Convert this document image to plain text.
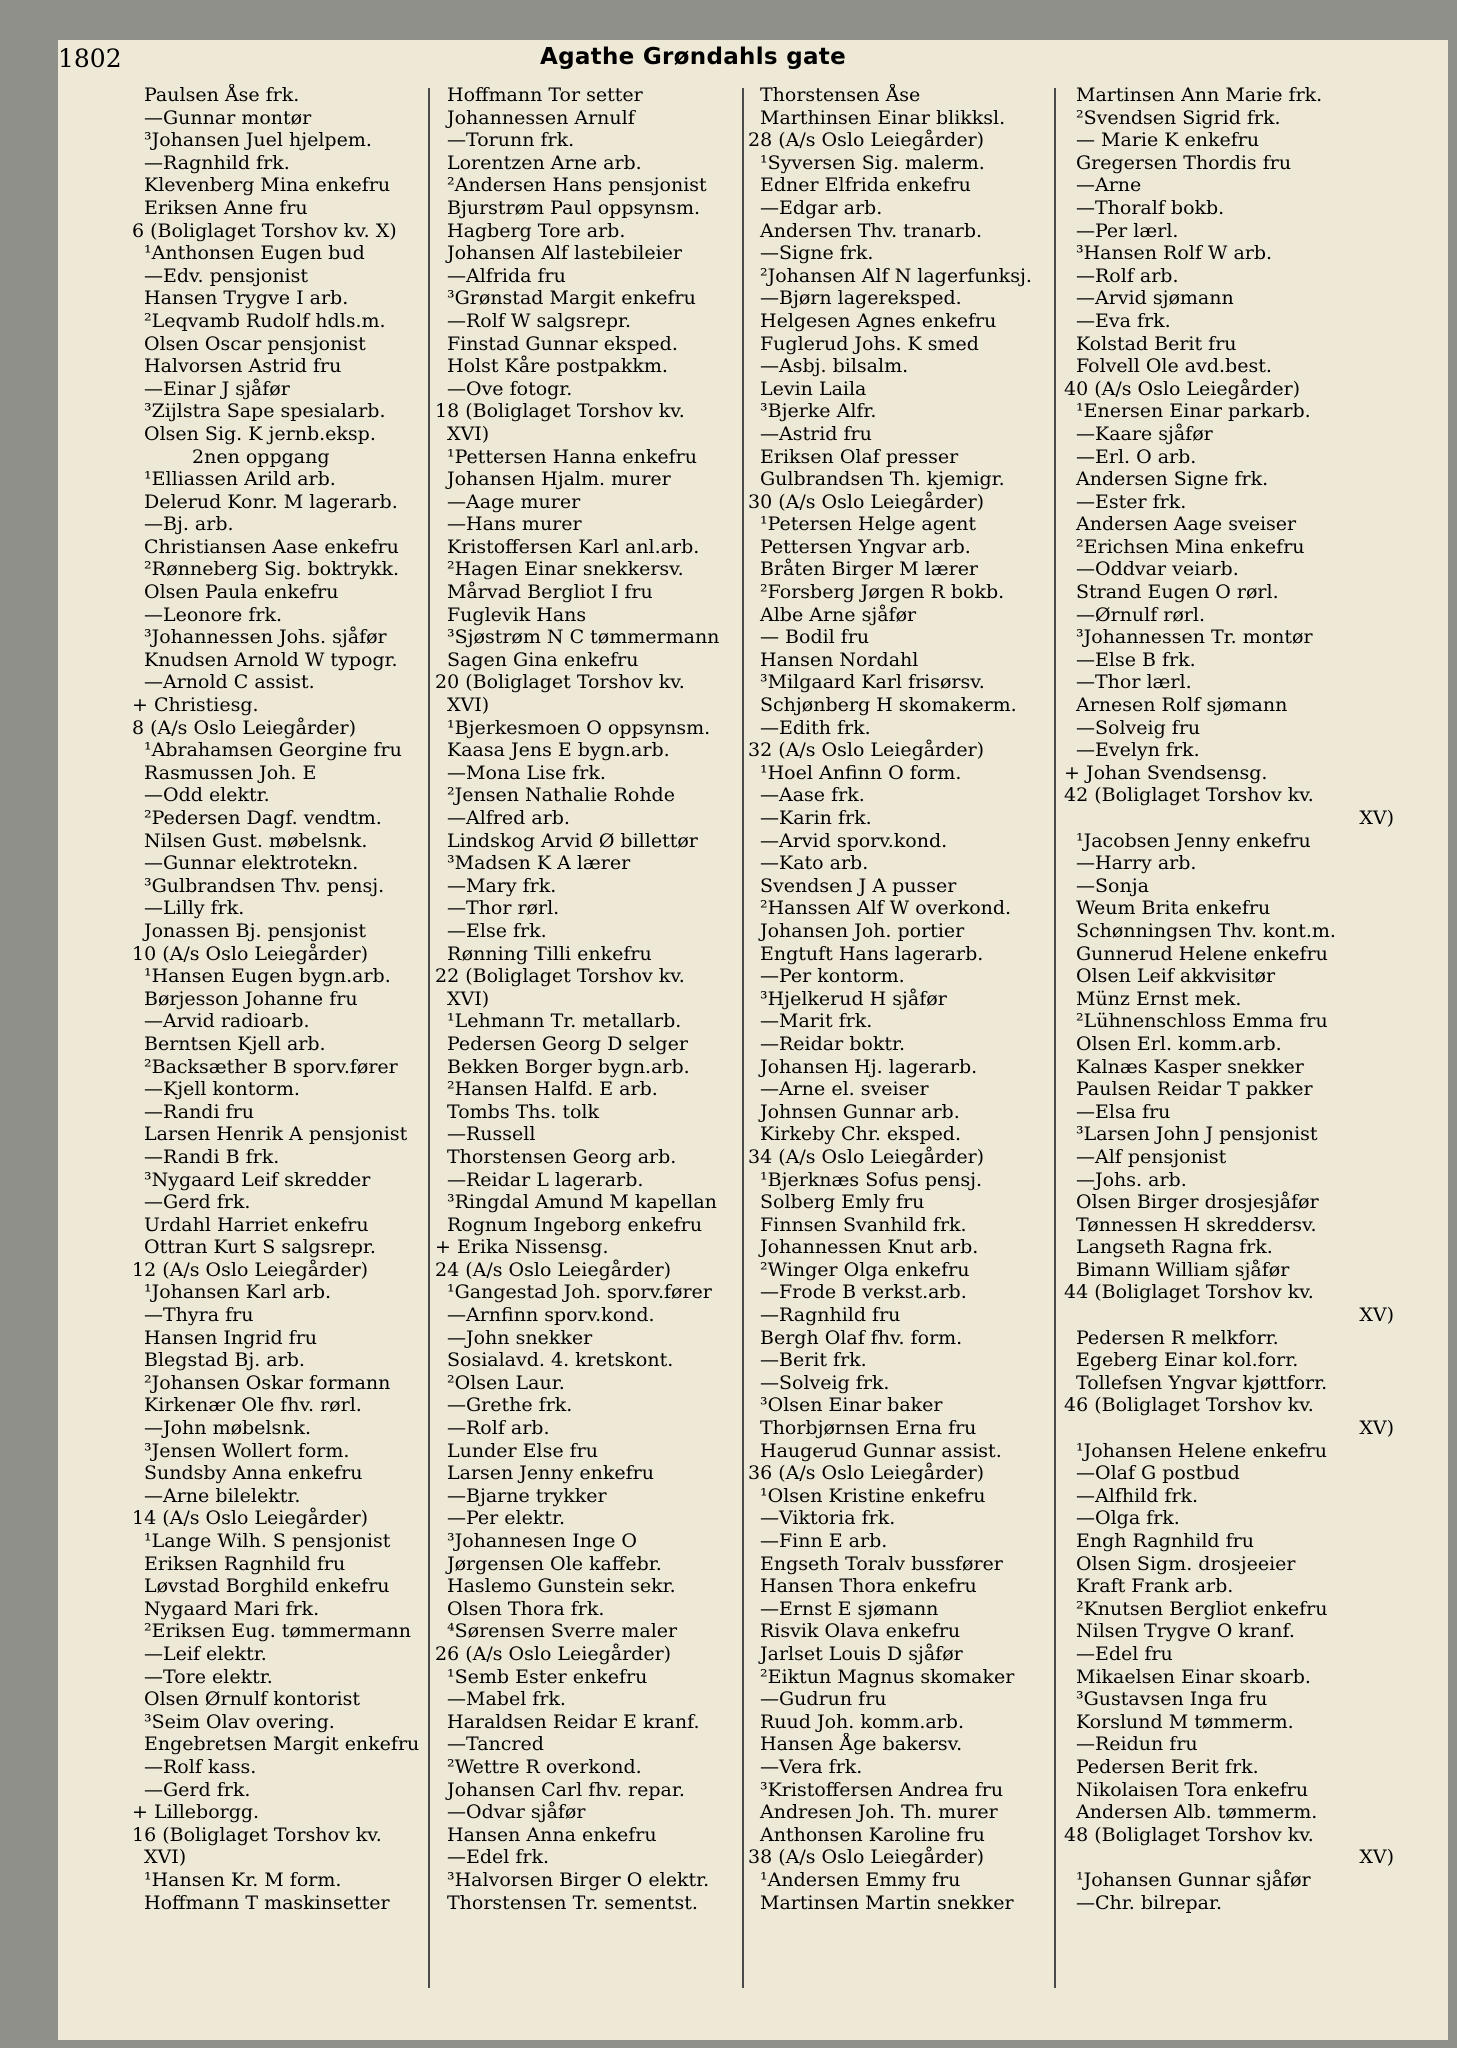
1802	Agathe Grøndahls gate
Paulsen Åse frk.
—Gunnar montør
³Johansen Juel hjelpem.
—Ragnhild frk.
Klevenberg Mina enkefru
Eriksen Anne fru
6 (Boliglaget Torshov kv. X)
¹Anthonsen Eugen bud
—Edv. pensjonist
Hansen Trygve I arb.
²Leqvamb Rudolf hdls.m.
Olsen Oscar pensjonist
Halvorsen Astrid fru
—Einar J sjåfør
³Zijlstra Sape spesialarb.
Olsen Sig. K jernb.eksp.
2nen oppgang
¹Elliassen Arild arb.
Delerud Konr. M lagerarb.
—Bj. arb.
Christiansen Aase enkefru
²Rønneberg Sig. boktrykk.
Olsen Paula enkefru
—Leonore frk.
³Johannessen Johs. sjåfør
Knudsen Arnold W typogr.
—Arnold C assist.
+ Christiesg.
8 (A/s Oslo Leiegårder)
¹Abrahamsen Georgine fru
Rasmussen Joh. E
—Odd elektr.
²Pedersen Dagf. vendtm.
Nilsen Gust. møbelsnk.
—Gunnar elektrotekn.
³Gulbrandsen Thv. pensj.
—Lilly frk.
Jonassen Bj. pensjonist
10 (A/s Oslo Leiegårder)
¹Hansen Eugen bygn.arb.
Børjesson Johanne fru
—Arvid radioarb.
Berntsen Kjell arb.
²Backsæther B sporv.fører
—Kjell kontorm.
—Randi fru
Larsen Henrik A pensjonist
—Randi B frk.
³Nygaard Leif skredder
—Gerd frk.
Urdahl Harriet enkefru
Ottran Kurt S salgsrepr.
12 (A/s Oslo Leiegårder)
¹Johansen Karl arb.
—Thyra fru
Hansen Ingrid fru
Blegstad Bj. arb.
²Johansen Oskar formann
Kirkenær Ole fhv. rørl.
—John møbelsnk.
³Jensen Wollert form.
Sundsby Anna enkefru
—Arne bilelektr.
14 (A/s Oslo Leiegårder)
¹Lange Wilh. S pensjonist
Eriksen Ragnhild fru
Løvstad Borghild enkefru
Nygaard Mari frk.
²Eriksen Eug. tømmermann
—Leif elektr.
—Tore elektr.
Olsen Ørnulf kontorist
³Seim Olav overing.
Engebretsen Margit enkefru
—Rolf kass.
—Gerd frk.
+ Lilleborgg.
16 (Boliglaget Torshov kv.
XVI)
¹Hansen Kr. M form.
Hoffmann T maskinsetter
Hoffmann Tor setter
Johannessen Arnulf
—Torunn frk.
Lorentzen Arne arb.
²Andersen Hans pensjonist
Bjurstrøm Paul oppsynsm.
Hagberg Tore arb.
Johansen Alf lastebileier
—Alfrida fru
³Grønstad Margit enkefru
—Rolf W salgsrepr.
Finstad Gunnar eksped.
Holst Kåre postpakkm.
—Ove fotogr.
18 (Boliglaget Torshov kv.
XVI)
¹Pettersen Hanna enkefru
Johansen Hjalm. murer
—Aage murer
—Hans murer
Kristoffersen Karl anl.arb.
²Hagen Einar snekkersv.
Mårvad Bergliot I fru
Fuglevik Hans
³Sjøstrøm N C tømmermann
Sagen Gina enkefru
20 (Boliglaget Torshov kv.
XVI)
¹Bjerkesmoen O oppsynsm.
Kaasa Jens E bygn.arb.
—Mona Lise frk.
²Jensen Nathalie Rohde
—Alfred arb.
Lindskog Arvid Ø billettør
³Madsen K A lærer
—Mary frk.
—Thor rørl.
—Else frk.
Rønning Tilli enkefru
22 (Boliglaget Torshov kv.
XVI)
¹Lehmann Tr. metallarb.
Pedersen Georg D selger
Bekken Borger bygn.arb.
²Hansen Halfd. E arb.
Tombs Ths. tolk
—Russell
Thorstensen Georg arb.
—Reidar L lagerarb.
³Ringdal Amund M kapellan
Rognum Ingeborg enkefru
+ Erika Nissensg.
24 (A/s Oslo Leiegårder)
¹Gangestad Joh. sporv.fører
—Arnfinn sporv.kond.
—John snekker
Sosialavd. 4. kretskont.
²Olsen Laur.
—Grethe frk.
—Rolf arb.
Lunder Else fru
Larsen Jenny enkefru
—Bjarne trykker
—Per elektr.
³Johannesen Inge O
Jørgensen Ole kaffebr.
Haslemo Gunstein sekr.
Olsen Thora frk.
⁴Sørensen Sverre maler
26 (A/s Oslo Leiegårder)
¹Semb Ester enkefru
—Mabel frk.
Haraldsen Reidar E kranf.
—Tancred
²Wettre R overkond.
Johansen Carl fhv. repar.
—Odvar sjåfør
Hansen Anna enkefru
—Edel frk.
³Halvorsen Birger O elektr.
Thorstensen Tr. sementst.
Thorstensen Åse
Marthinsen Einar blikksl.
28 (A/s Oslo Leiegårder)
¹Syversen Sig. malerm.
Edner Elfrida enkefru
—Edgar arb.
Andersen Thv. tranarb.
—Signe frk.
²Johansen Alf N lagerfunksj.
—Bjørn lagereksped.
Helgesen Agnes enkefru
Fuglerud Johs. K smed
—Asbj. bilsalm.
Levin Laila
³Bjerke Alfr.
—Astrid fru
Eriksen Olaf presser
Gulbrandsen Th. kjemigr.
30 (A/s Oslo Leiegårder)
¹Petersen Helge agent
Pettersen Yngvar arb.
Bråten Birger M lærer
²Forsberg Jørgen R bokb.
Albe Arne sjåfør
— Bodil fru
Hansen Nordahl
³Milgaard Karl frisørsv.
Schjønberg H skomakerm.
—Edith frk.
32 (A/s Oslo Leiegårder)
¹Hoel Anfinn O form.
—Aase frk.
—Karin frk.
—Arvid sporv.kond.
—Kato arb.
Svendsen J A pusser
²Hanssen Alf W overkond.
Johansen Joh. portier
Engtuft Hans lagerarb.
—Per kontorm.
³Hjelkerud H sjåfør
—Marit frk.
—Reidar boktr.
Johansen Hj. lagerarb.
—Arne el. sveiser
Johnsen Gunnar arb.
Kirkeby Chr. eksped.
34 (A/s Oslo Leiegårder)
¹Bjerknæs Sofus pensj.
Solberg Emly fru
Finnsen Svanhild frk.
Johannessen Knut arb.
²Winger Olga enkefru
—Frode B verkst.arb.
—Ragnhild fru
Bergh Olaf fhv. form.
—Berit frk.
—Solveig frk.
³Olsen Einar baker
Thorbjørnsen Erna fru
Haugerud Gunnar assist.
36 (A/s Oslo Leiegårder)
¹Olsen Kristine enkefru
—Viktoria frk.
—Finn E arb.
Engseth Toralv bussfører
Hansen Thora enkefru
—Ernst E sjømann
Risvik Olava enkefru
Jarlset Louis D sjåfør
²Eiktun Magnus skomaker
—Gudrun fru
Ruud Joh. komm.arb.
Hansen Åge bakersv.
—Vera frk.
³Kristoffersen Andrea fru
Andresen Joh. Th. murer
Anthonsen Karoline fru
38 (A/s Oslo Leiegårder)
¹Andersen Emmy fru
Martinsen Martin snekker
Martinsen Ann Marie frk.
²Svendsen Sigrid frk.
— Marie K enkefru
Gregersen Thordis fru
—Arne
—Thoralf bokb.
—Per lærl.
³Hansen Rolf W arb.
—Rolf arb.
—Arvid sjømann
—Eva frk.
Kolstad Berit fru
Folvell Ole avd.best.
40 (A/s Oslo Leiegårder)
¹Enersen Einar parkarb.
—Kaare sjåfør
—Erl. O arb.
Andersen Signe frk.
—Ester frk.
Andersen Aage sveiser
²Erichsen Mina enkefru
—Oddvar veiarb.
Strand Eugen O rørl.
—Ørnulf rørl.
³Johannessen Tr. montør
—Else B frk.
—Thor lærl.
Arnesen Rolf sjømann
—Solveig fru
—Evelyn frk.
+ Johan Svendsensg.
42 (Boliglaget Torshov kv.
XV)
¹Jacobsen Jenny enkefru
—Harry arb.
—Sonja
Weum Brita enkefru
Schønningsen Thv. kont.m.
Gunnerud Helene enkefru
Olsen Leif akkvisitør
Münz Ernst mek.
²Lühnenschloss Emma fru
Olsen Erl. komm.arb.
Kalnæs Kasper snekker
Paulsen Reidar T pakker
—Elsa fru
³Larsen John J pensjonist
—Alf pensjonist
—Johs. arb.
Olsen Birger drosjesjåfør
Tønnessen H skreddersv.
Langseth Ragna frk.
Bimann William sjåfør
44 (Boliglaget Torshov kv.
XV)
Pedersen R melkforr.
Egeberg Einar kol.forr.
Tollefsen Yngvar kjøttforr.
46 (Boliglaget Torshov kv.
XV)
¹Johansen Helene enkefru
—Olaf G postbud
—Alfhild frk.
—Olga frk.
Engh Ragnhild fru
Olsen Sigm. drosjeeier
Kraft Frank arb.
²Knutsen Bergliot enkefru
Nilsen Trygve O kranf.
—Edel fru
Mikaelsen Einar skoarb.
³Gustavsen Inga fru
Korslund M tømmerm.
—Reidun fru
Pedersen Berit frk.
Nikolaisen Tora enkefru
Andersen Alb. tømmerm.
48 (Boliglaget Torshov kv.
XV)
¹Johansen Gunnar sjåfør
—Chr. bilrepar.
